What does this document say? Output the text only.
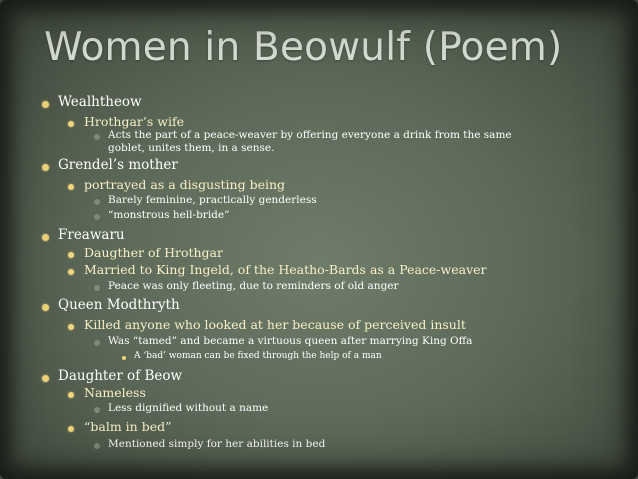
Women in Beowulf (Poem)
Wealhtheow
Hrothgar’s wife
Acts the part of a peace-weaver by offering everyone a drink from the same
goblet, unites them, in a sense.
Grendel’s mother
portrayed as a disgusting being
Barely feminine, practically genderless
“monstrous hell-bride”
Freawaru
Daugther of Hrothgar
Married to King Ingeld, of the Heatho-Bards as a Peace-weaver
Peace was only fleeting, due to reminders of old anger
Queen Modthryth
Killed anyone who looked at her because of perceived insult
Was “tamed” and became a virtuous queen after marrying King Offa
A ‘bad’ woman can be fixed through the help of a man
Daughter of Beow
Nameless
Less dignified without a name
“balm in bed”
Mentioned simply for her abilities in bed
